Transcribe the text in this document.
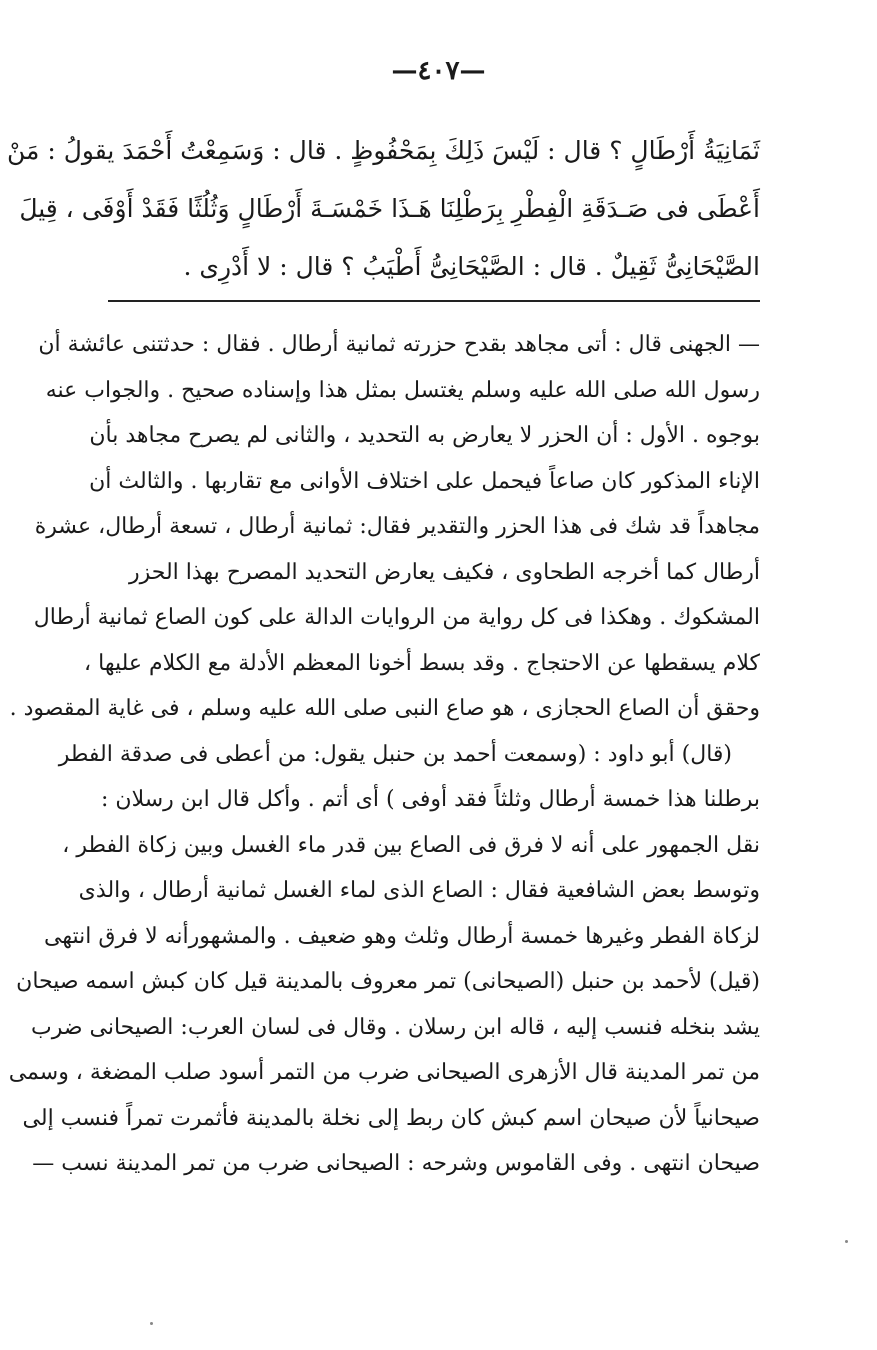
—٤٠٧—
ثَمَانِيَةُ أَرْطَالٍ ؟ قال : لَيْسَ ذَلِكَ بِمَحْفُوظٍ . قال : وَسَمِعْتُ أَحْمَدَ يقولُ : مَنْ
أَعْطَى فى صَـدَقَةِ الْفِطْرِ بِرَطْلِنَا هَـذَا خَمْسَـةَ أَرْطَالٍ وَثُلُثًا فَقَدْ أَوْفَى ، قِيلَ
الصَّيْحَانِىُّ ثَقِيلٌ . قال : الصَّيْحَانِىُّ أَطْيَبُ ؟ قال : لا أَدْرِى .
— الجهنى قال : أتى مجاهد بقدح حزرته ثمانية أرطال . فقال : حدثتنى عائشة أن
رسول الله صلى الله عليه وسلم يغتسل بمثل هذا وإسناده صحيح . والجواب عنه
بوجوه . الأول : أن الحزر لا يعارض به التحديد ، والثانى لم يصرح مجاهد بأن
الإناء المذكور كان صاعاً فيحمل على اختلاف الأوانى مع تقاربها . والثالث أن
مجاهداً قد شك فى هذا الحزر والتقدير فقال: ثمانية أرطال ، تسعة أرطال، عشرة
أرطال كما أخرجه الطحاوى ، فكيف يعارض التحديد المصرح بهذا الحزر
المشكوك . وهكذا فى كل رواية من الروايات الدالة على كون الصاع ثمانية أرطال
كلام يسقطها عن الاحتجاج . وقد بسط أخونا المعظم الأدلة مع الكلام عليها ،
وحقق أن الصاع الحجازى ، هو صاع النبى صلى الله عليه وسلم ، فى غاية المقصود .
(قال) أبو داود : (وسمعت أحمد بن حنبل يقول: من أعطى فى صدقة الفطر
برطلنا هذا خمسة أرطال وثلثاً فقد أوفى ) أى أتم . وأكل قال ابن رسلان :
نقل الجمهور على أنه لا فرق فى الصاع بين قدر ماء الغسل وبين زكاة الفطر ،
وتوسط بعض الشافعية فقال : الصاع الذى لماء الغسل ثمانية أرطال ، والذى
لزكاة الفطر وغيرها خمسة أرطال وثلث وهو ضعيف . والمشهورأنه لا فرق انتهى
(قيل) لأحمد بن حنبل (الصيحانى) تمر معروف بالمدينة قيل كان كبش اسمه صيحان
يشد بنخله فنسب إليه ، قاله ابن رسلان . وقال فى لسان العرب: الصيحانى ضرب
من تمر المدينة قال الأزهرى الصيحانى ضرب من التمر أسود صلب المضغة ، وسمى
صيحانياً لأن صيحان اسم كبش كان ربط إلى نخلة بالمدينة فأثمرت تمراً فنسب إلى
صيحان انتهى . وفى القاموس وشرحه : الصيحانى ضرب من تمر المدينة نسب —
